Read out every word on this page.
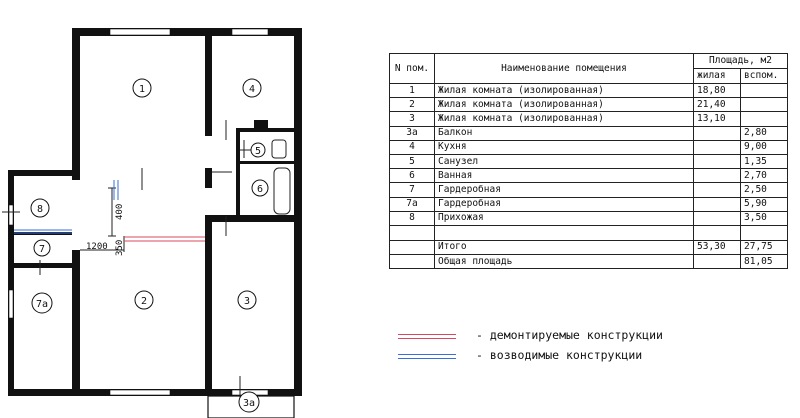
400
1200 350
1
2	3
3а
4
5
6
7
7а
8
N пом.	Наименование помещения	Площадь, м2	
		жилая	вспом.
1	Жилая комната (изолированная)	18,80	
2	Жилая комната (изолированная)	21,40	
3	Жилая комната (изолированная)	13,10	
3а	Балкон		2,80
4	Кухня		9,00
5	Санузел		1,35
6	Ванная		2,70
7	Гардеробная		2,50
7а	Гардеробная		5,90
8	Прихожая		3,50

	Итого	53,30	27,75
	Общая площадь		81,05
- демонтируемые конструкции
- возводимые конструкции
